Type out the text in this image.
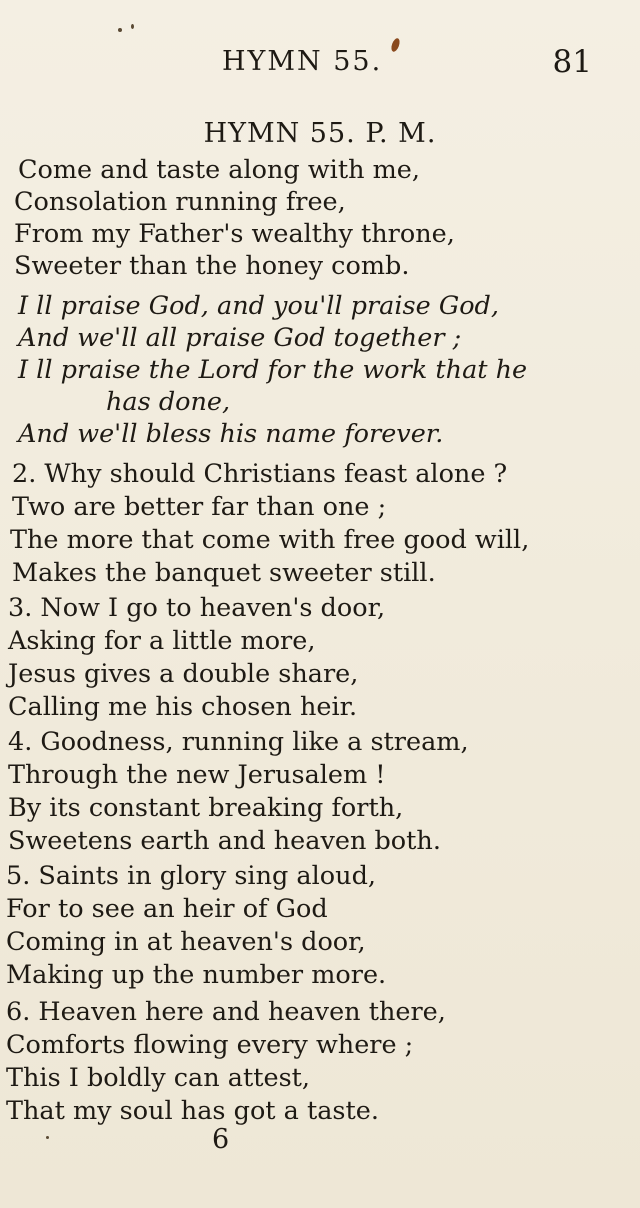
HYMN 55.	81
HYMN 55. P. M.
Come and taste along with me,
Consolation running free,
From my Father's wealthy throne,
Sweeter than the honey comb.
I ll praise God, and you'll praise God,
And we'll all praise God together ;
I ll praise the Lord for the work that he
has done,
And we'll bless his name forever.
2. Why should Christians feast alone ?
Two are better far than one ;
The more that come with free good will,
Makes the banquet sweeter still.
3. Now I go to heaven's door,
Asking for a little more,
Jesus gives a double share,
Calling me his chosen heir.
4. Goodness, running like a stream,
Through the new Jerusalem !
By its constant breaking forth,
Sweetens earth and heaven both.
5. Saints in glory sing aloud,
For to see an heir of God
Coming in at heaven's door,
Making up the number more.
6. Heaven here and heaven there,
Comforts flowing every where ;
This I boldly can attest,
That my soul has got a taste.
6
